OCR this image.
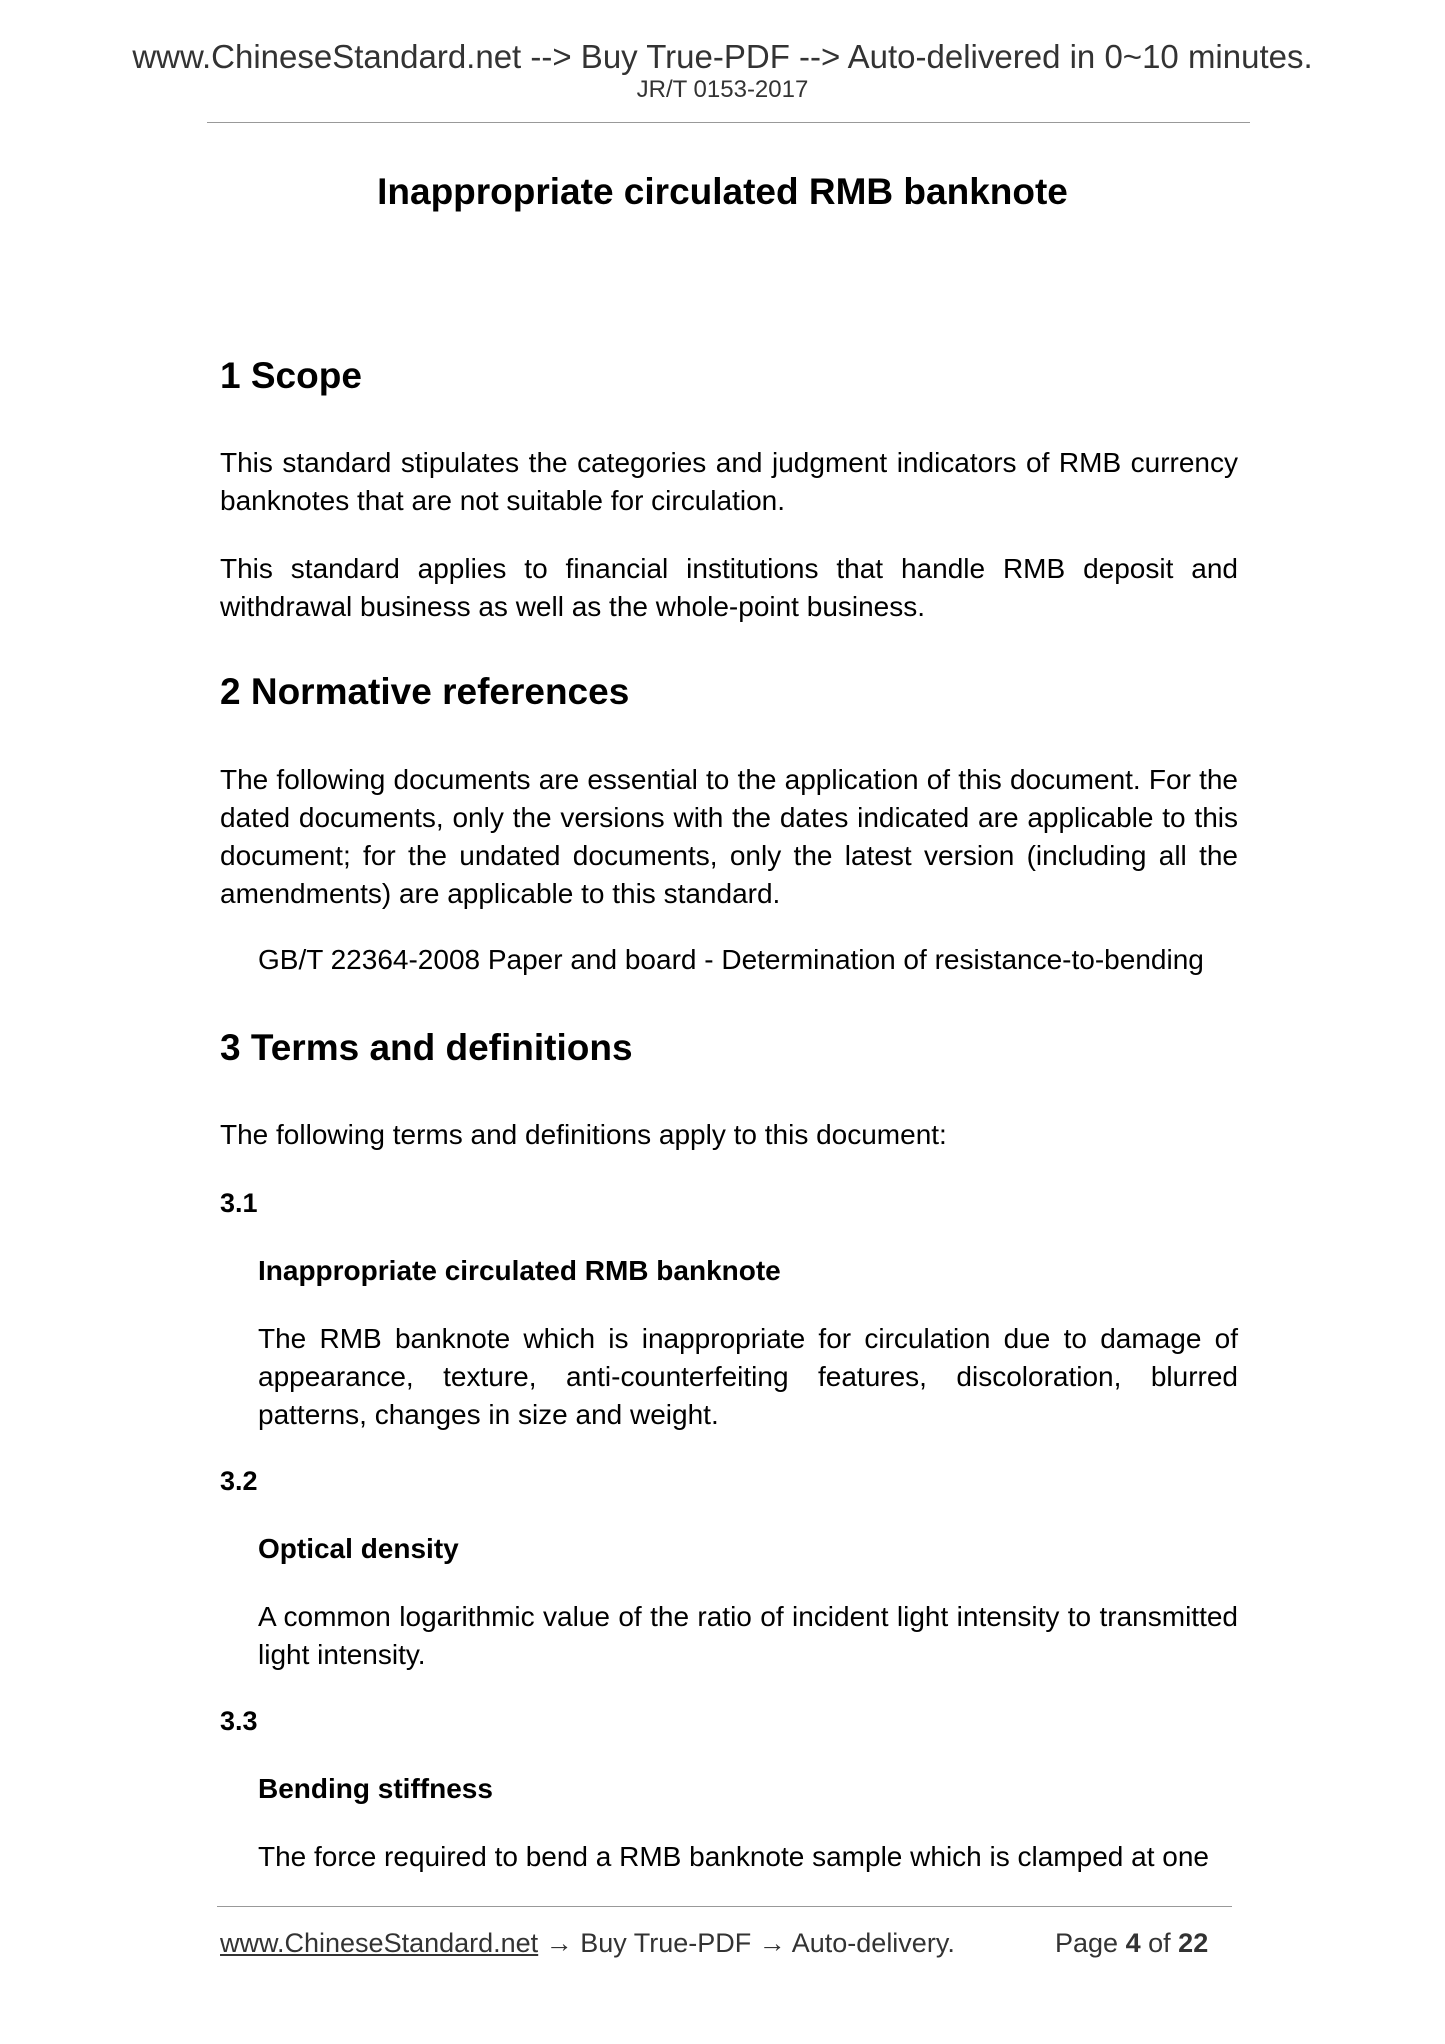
www.ChineseStandard.net --> Buy True-PDF --> Auto-delivered in 0~10 minutes.
JR/T 0153-2017
Inappropriate circulated RMB banknote
1 Scope
This standard stipulates the categories and judgment indicators of RMB currency banknotes that are not suitable for circulation.
This standard applies to financial institutions that handle RMB deposit and withdrawal business as well as the whole-point business.
2 Normative references
The following documents are essential to the application of this document. For the dated documents, only the versions with the dates indicated are applicable to this document; for the undated documents, only the latest version (including all the amendments) are applicable to this standard.
GB/T 22364-2008 Paper and board - Determination of resistance-to-bending
3 Terms and definitions
The following terms and definitions apply to this document:
3.1
Inappropriate circulated RMB banknote
The RMB banknote which is inappropriate for circulation due to damage of appearance, texture, anti-counterfeiting features, discoloration, blurred patterns, changes in size and weight.
3.2
Optical density
A common logarithmic value of the ratio of incident light intensity to transmitted light intensity.
3.3
Bending stiffness
The force required to bend a RMB banknote sample which is clamped at one
www.ChineseStandard.net → Buy True-PDF → Auto-delivery.	Page 4 of 22
